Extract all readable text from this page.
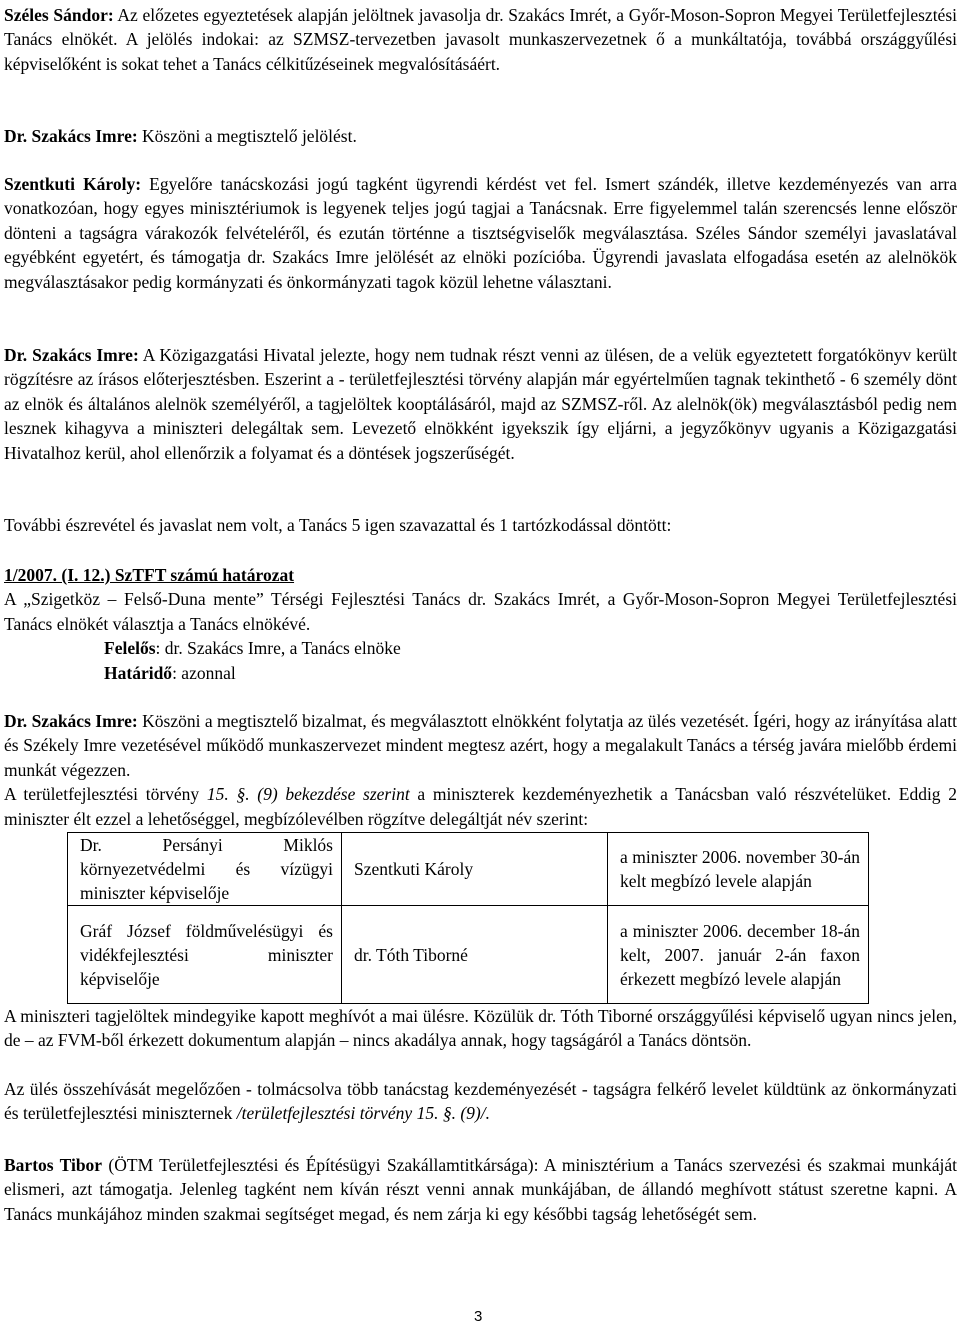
Széles Sándor: Az előzetes egyeztetések alapján jelöltnek javasolja dr. Szakács Imrét, a Győr-Moson-Sopron Megyei Területfejlesztési Tanács elnökét. A jelölés indokai: az SZMSZ-tervezetben javasolt munkaszervezetnek ő a munkáltatója, továbbá országgyűlési képviselőként is sokat tehet a Tanács célkitűzéseinek megvalósításáért.

Dr. Szakács Imre: Köszöni a megtisztelő jelölést.

Szentkuti Károly: Egyelőre tanácskozási jogú tagként ügyrendi kérdést vet fel. Ismert szándék, illetve kezdeményezés van arra vonatkozóan, hogy egyes minisztériumok is legyenek teljes jogú tagjai a Tanácsnak. Erre figyelemmel talán szerencsés lenne először dönteni a tagságra várakozók felvételéről, és ezután történne a tisztségviselők megválasztása. Széles Sándor személyi javaslatával egyébként egyetért, és támogatja dr. Szakács Imre jelölését az elnöki pozícióba. Ügyrendi javaslata elfogadása esetén az alelnökök megválasztásakor pedig kormányzati és önkormányzati tagok közül lehetne választani.

Dr. Szakács Imre: A Közigazgatási Hivatal jelezte, hogy nem tudnak részt venni az ülésen, de a velük egyeztetett forgatókönyv került rögzítésre az írásos előterjesztésben. Eszerint a - területfejlesztési törvény alapján már egyértelműen tagnak tekinthető - 6 személy dönt az elnök és általános alelnök személyéről, a tagjelöltek kooptálásáról, majd az SZMSZ-ről. Az alelnök(ök) megválasztásból pedig nem lesznek kihagyva a miniszteri delegáltak sem. Levezető elnökként igyekszik így eljárni, a jegyzőkönyv ugyanis a Közigazgatási Hivatalhoz kerül, ahol ellenőrzik a folyamat és a döntések jogszerűségét.

További észrevétel és javaslat nem volt, a Tanács 5 igen szavazattal és 1 tartózkodással döntött:

1/2007. (I. 12.) SzTFT számú határozat
A „Szigetköz – Felső-Duna mente” Térségi Fejlesztési Tanács dr. Szakács Imrét, a Győr-Moson-Sopron Megyei Területfejlesztési Tanács elnökét választja a Tanács elnökévé.
Felelős: dr. Szakács Imre, a Tanács elnöke
Határidő: azonnal
Dr. Szakács Imre: Köszöni a megtisztelő bizalmat, és megválasztott elnökként folytatja az ülés vezetését. Ígéri, hogy az irányítása alatt és Székely Imre vezetésével működő munkaszervezet mindent megtesz azért, hogy a megalakult Tanács a térség javára mielőbb érdemi munkát végezzen.
A területfejlesztési törvény 15. §. (9) bekezdése szerint a miniszterek kezdeményezhetik a Tanácsban való részvételüket. Eddig 2 miniszter élt ezzel a lehetőséggel, megbízólevélben rögzítve delegáltját név szerint:
Dr. Persányi Miklós környezetvédelmi és vízügyi miniszter képviselője	Szentkuti Károly	a miniszter 2006. november 30-án kelt megbízó levele alapján
Gráf József földművelésügyi és vidékfejlesztési miniszter képviselője	dr. Tóth Tiborné	a miniszter 2006. december 18-án kelt, 2007. január 2-án faxon érkezett megbízó levele alapján

A miniszteri tagjelöltek mindegyike kapott meghívót a mai ülésre. Közülük dr. Tóth Tiborné országgyűlési képviselő ugyan nincs jelen, de – az FVM-ből érkezett dokumentum alapján – nincs akadálya annak, hogy tagságáról a Tanács döntsön.

Az ülés összehívását megelőzően - tolmácsolva több tanácstag kezdeményezését - tagságra felkérő levelet küldtünk az önkormányzati és területfejlesztési miniszternek /területfejlesztési törvény 15. §. (9)/.

Bartos Tibor (ÖTM Területfejlesztési és Építésügyi Szakállamtitkársága): A minisztérium a Tanács szervezési és szakmai munkáját elismeri, azt támogatja. Jelenleg tagként nem kíván részt venni annak munkájában, de állandó meghívott státust szeretne kapni. A Tanács munkájához minden szakmai segítséget megad, és nem zárja ki egy későbbi tagság lehetőségét sem.

3
